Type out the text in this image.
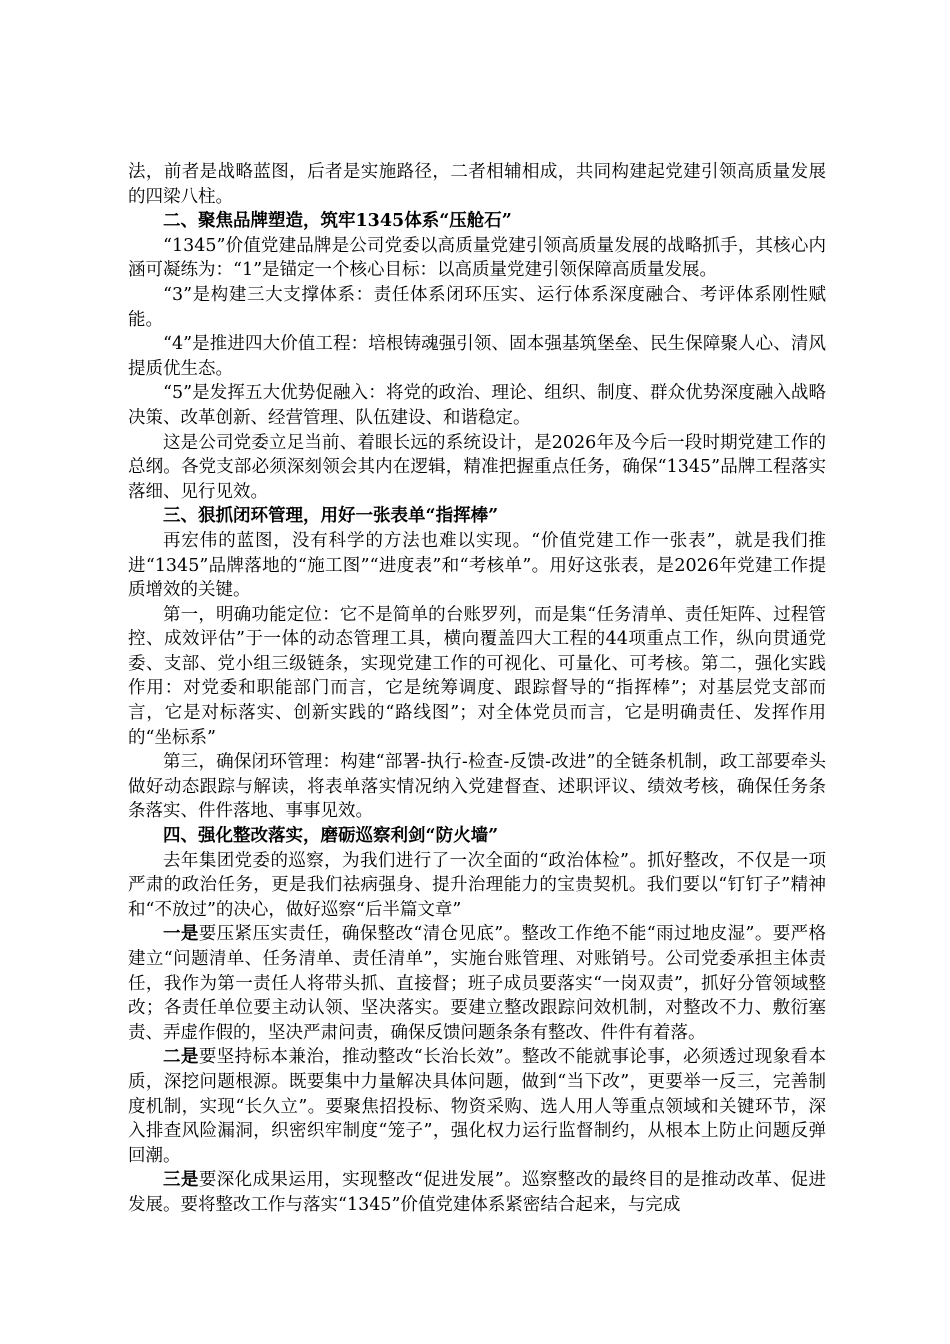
法，前者是战略蓝图，后者是实施路径，二者相辅相成，共同构建起党建引领高质量发展的四梁八柱。

二、聚焦品牌塑造，筑牢1345体系“压舱石”

“1345”价值党建品牌是公司党委以高质量党建引领高质量发展的战略抓手，其核心内涵可凝练为：“1”是锚定一个核心目标：以高质量党建引领保障高质量发展。

“3”是构建三大支撑体系：责任体系闭环压实、运行体系深度融合、考评体系刚性赋能。

“4”是推进四大价值工程：培根铸魂强引领、固本强基筑堡垒、民生保障聚人心、清风提质优生态。

“5”是发挥五大优势促融入：将党的政治、理论、组织、制度、群众优势深度融入战略决策、改革创新、经营管理、队伍建设、和谐稳定。

这是公司党委立足当前、着眼长远的系统设计，是2026年及今后一段时期党建工作的总纲。各党支部必须深刻领会其内在逻辑，精准把握重点任务，确保“1345”品牌工程落实落细、见行见效。

三、狠抓闭环管理，用好一张表单“指挥棒”

再宏伟的蓝图，没有科学的方法也难以实现。“价值党建工作一张表”，就是我们推进“1345”品牌落地的“施工图”“进度表”和“考核单”。用好这张表，是2026年党建工作提质增效的关键。

第一，明确功能定位：它不是简单的台账罗列，而是集“任务清单、责任矩阵、过程管控、成效评估”于一体的动态管理工具，横向覆盖四大工程的44项重点工作，纵向贯通党委、支部、党小组三级链条，实现党建工作的可视化、可量化、可考核。第二，强化实践作用：对党委和职能部门而言，它是统筹调度、跟踪督导的“指挥棒”；对基层党支部而言，它是对标落实、创新实践的“路线图”；对全体党员而言，它是明确责任、发挥作用的“坐标系”

第三，确保闭环管理：构建“部署-执行-检查-反馈-改进”的全链条机制，政工部要牵头做好动态跟踪与解读，将表单落实情况纳入党建督查、述职评议、绩效考核，确保任务条条落实、件件落地、事事见效。

四、强化整改落实，磨砺巡察利剑“防火墙”

去年集团党委的巡察，为我们进行了一次全面的“政治体检”。抓好整改，不仅是一项严肃的政治任务，更是我们祛病强身、提升治理能力的宝贵契机。我们要以“钉钉子”精神和“不放过”的决心，做好巡察“后半篇文章”

一是要压紧压实责任，确保整改“清仓见底”。整改工作绝不能“雨过地皮湿”。要严格建立“问题清单、任务清单、责任清单”，实施台账管理、对账销号。公司党委承担主体责任，我作为第一责任人将带头抓、直接督；班子成员要落实“一岗双责”，抓好分管领域整改；各责任单位要主动认领、坚决落实。要建立整改跟踪问效机制，对整改不力、敷衍塞责、弄虚作假的，坚决严肃问责，确保反馈问题条条有整改、件件有着落。

二是要坚持标本兼治，推动整改“长治长效”。整改不能就事论事，必须透过现象看本质，深挖问题根源。既要集中力量解决具体问题，做到“当下改”，更要举一反三，完善制度机制，实现“长久立”。要聚焦招投标、物资采购、选人用人等重点领域和关键环节，深入排查风险漏洞，织密织牢制度“笼子”，强化权力运行监督制约，从根本上防止问题反弹回潮。

三是要深化成果运用，实现整改“促进发展”。巡察整改的最终目的是推动改革、促进发展。要将整改工作与落实“1345”价值党建体系紧密结合起来，与完成
